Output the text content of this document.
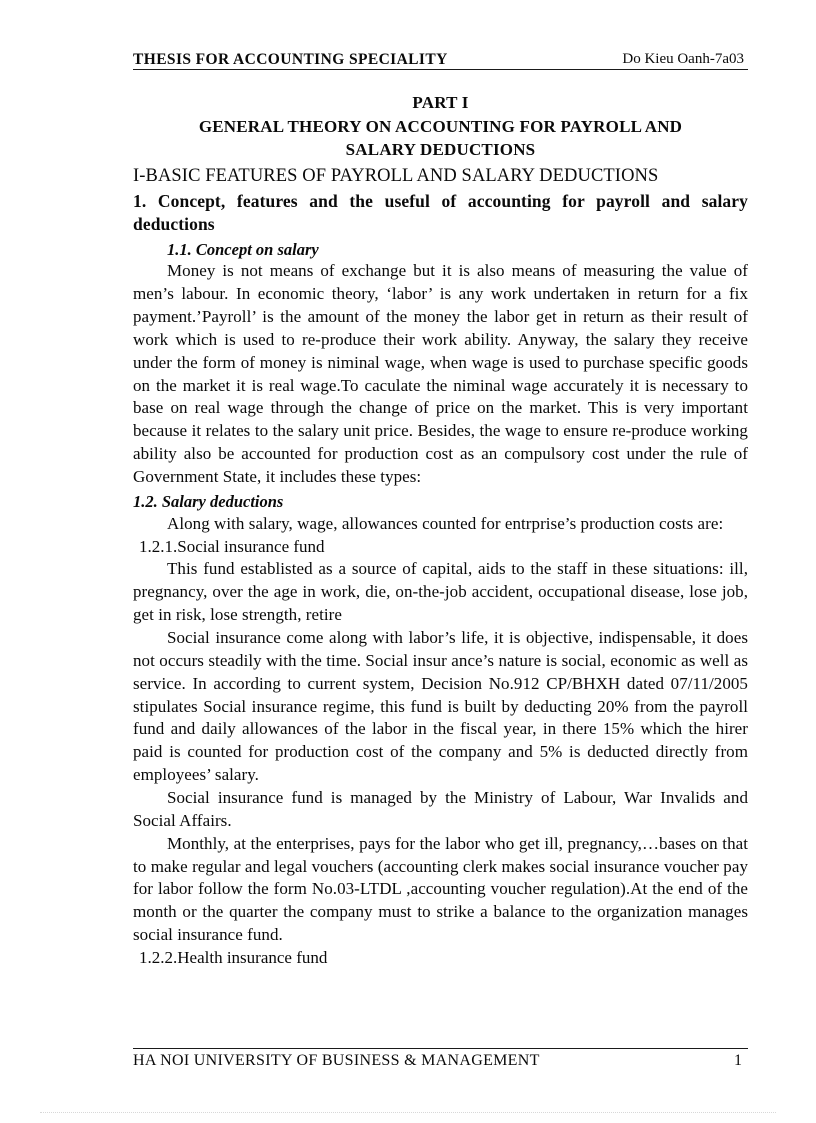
THESIS FOR ACCOUNTING SPECIALITY	Do Kieu Oanh-7a03
PART I
GENERAL THEORY ON ACCOUNTING FOR PAYROLL AND
SALARY DEDUCTIONS
I-BASIC FEATURES OF PAYROLL AND SALARY DEDUCTIONS
1. Concept, features and the useful of accounting for payroll and salary deductions
1.1. Concept on salary

Money is not means of exchange but it is also means of measuring the value of men’s labour. In economic theory, ‘labor’ is any work undertaken in return for a fix payment.’Payroll’ is the amount of the money the labor get in return as their result of work which is used to re-produce their work ability. Anyway, the salary they receive under the form of money is niminal wage, when wage is used to purchase specific goods on the market it is real wage.To caculate the niminal wage accurately it is necessary to base on real wage through the change of price on the market. This is very important because it relates to the salary unit price. Besides, the wage to ensure re-produce working ability also be accounted for production cost as an compulsory cost under the rule of Government State, it includes these types:

1.2. Salary deductions

Along with salary, wage, allowances counted for entrprise’s production costs are:

1.2.1.Social insurance fund

This fund establisted as a source of capital, aids to the staff in these situations: ill, pregnancy, over the age in work, die, on-the-job accident, occupational disease, lose job, get in risk, lose strength, retire

Social insurance come along with labor’s life, it is objective, indispensable, it does not occurs steadily with the time. Social insur ance’s nature is social, economic as well as service. In according to current system, Decision No.912 CP/BHXH dated 07/11/2005 stipulates Social insurance regime, this fund is built by deducting 20% from the payroll fund and daily allowances of the labor in the fiscal year, in there 15% which the hirer paid is counted for production cost of the company and 5% is deducted directly from employees’ salary.

Social insurance fund is managed by the Ministry of Labour, War Invalids and Social Affairs.

Monthly, at the enterprises, pays for the labor who get ill, pregnancy,…bases on that to make regular and legal vouchers (accounting clerk makes social insurance voucher pay for labor follow the form No.03-LTDL ,accounting voucher regulation).At the end of the month or the quarter the company must to strike a balance to the organization manages social insurance fund.

1.2.2.Health insurance fund

HA NOI UNIVERSITY OF BUSINESS & MANAGEMENT	1
